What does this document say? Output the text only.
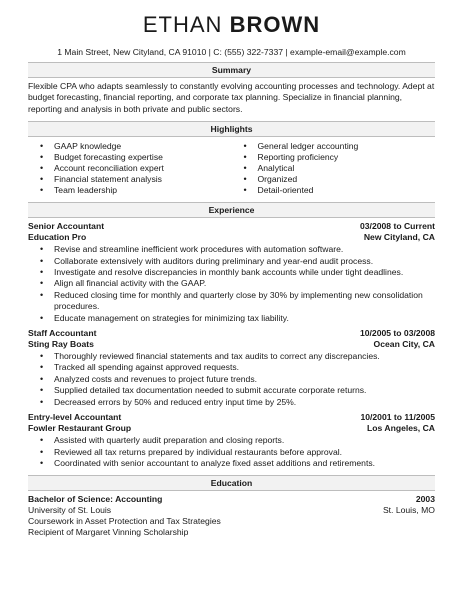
ETHAN BROWN
1 Main Street, New Cityland, CA 91010 | C: (555) 322-7337 | example-email@example.com
Summary
Flexible CPA who adapts seamlessly to constantly evolving accounting processes and technology. Adept at budget forecasting, financial reporting, and corporate tax planning. Specialize in financial planning, reporting and analysis in both private and public sectors.
Highlights
• GAAP knowledge
• Budget forecasting expertise
• Account reconciliation expert
• Financial statement analysis
• Team leadership
• General ledger accounting
• Reporting proficiency
• Analytical
• Organized
• Detail-oriented
Experience
Senior Accountant	03/2008 to Current
Education Pro	New Cityland, CA
• Revise and streamline inefficient work procedures with automation software.
• Collaborate extensively with auditors during preliminary and year-end audit process.
• Investigate and resolve discrepancies in monthly bank accounts while under tight deadlines.
• Align all financial activity with the GAAP.
• Reduced closing time for monthly and quarterly close by 30% by implementing new consolidation procedures.
• Educate management on strategies for minimizing tax liability.
Staff Accountant	10/2005 to 03/2008
Sting Ray Boats	Ocean City, CA
• Thoroughly reviewed financial statements and tax audits to correct any discrepancies.
• Tracked all spending against approved requests.
• Analyzed costs and revenues to project future trends.
• Supplied detailed tax documentation needed to submit accurate corporate returns.
• Decreased errors by 50% and reduced entry input time by 25%.
Entry-level Accountant	10/2001 to 11/2005
Fowler Restaurant Group	Los Angeles, CA
• Assisted with quarterly audit preparation and closing reports.
• Reviewed all tax returns prepared by individual restaurants before approval.
• Coordinated with senior accountant to analyze fixed asset additions and retirements.
Education
Bachelor of Science: Accounting	2003
University of St. Louis	St. Louis, MO
Coursework in Asset Protection and Tax Strategies
Recipient of Margaret Vinning Scholarship
